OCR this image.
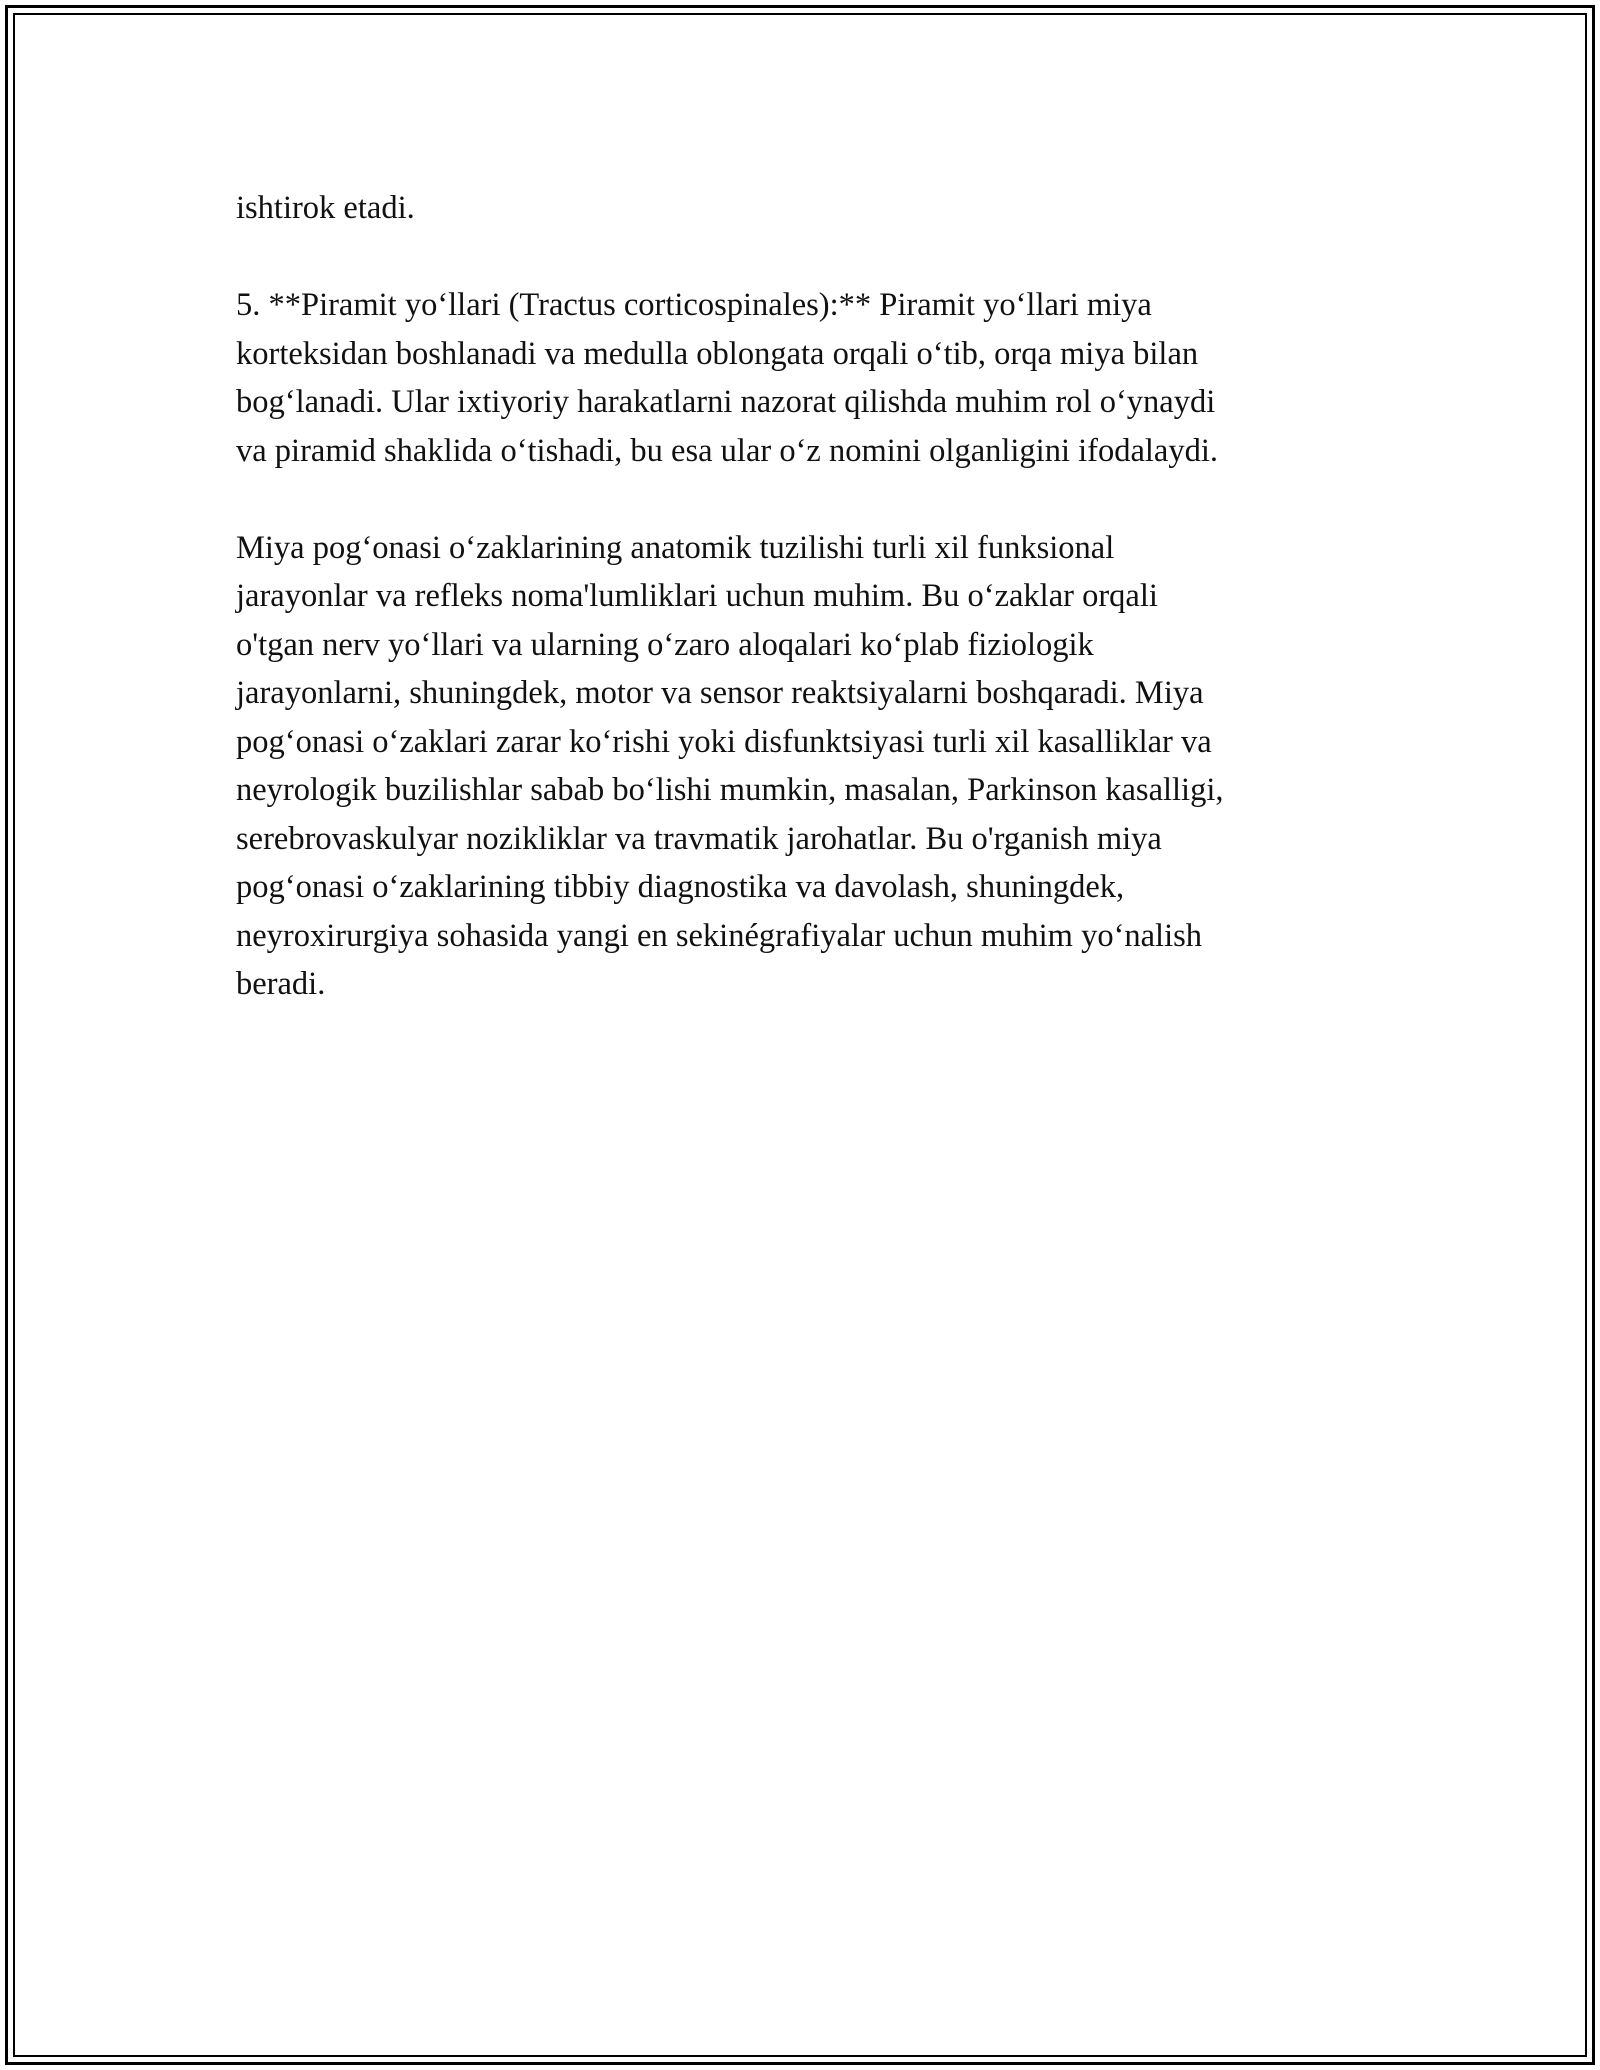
ishtirok etadi.

5. **Piramit yo‘llari (Tractus corticospinales):** Piramit yo‘llari miya
korteksidan boshlanadi va medulla oblongata orqali o‘tib, orqa miya bilan
bog‘lanadi. Ular ixtiyoriy harakatlarni nazorat qilishda muhim rol o‘ynaydi
va piramid shaklida o‘tishadi, bu esa ular o‘z nomini olganligini ifodalaydi.

Miya pog‘onasi o‘zaklarining anatomik tuzilishi turli xil funksional
jarayonlar va refleks noma'lumliklari uchun muhim. Bu o‘zaklar orqali
o'tgan nerv yo‘llari va ularning o‘zaro aloqalari ko‘plab fiziologik
jarayonlarni, shuningdek, motor va sensor reaktsiyalarni boshqaradi. Miya
pog‘onasi o‘zaklari zarar ko‘rishi yoki disfunktsiyasi turli xil kasalliklar va
neyrologik buzilishlar sabab bo‘lishi mumkin, masalan, Parkinson kasalligi,
serebrovaskulyar nozikliklar va travmatik jarohatlar. Bu o'rganish miya
pog‘onasi o‘zaklarining tibbiy diagnostika va davolash, shuningdek,
neyroxirurgiya sohasida yangi en sekinégrafiyalar uchun muhim yo‘nalish
beradi.
